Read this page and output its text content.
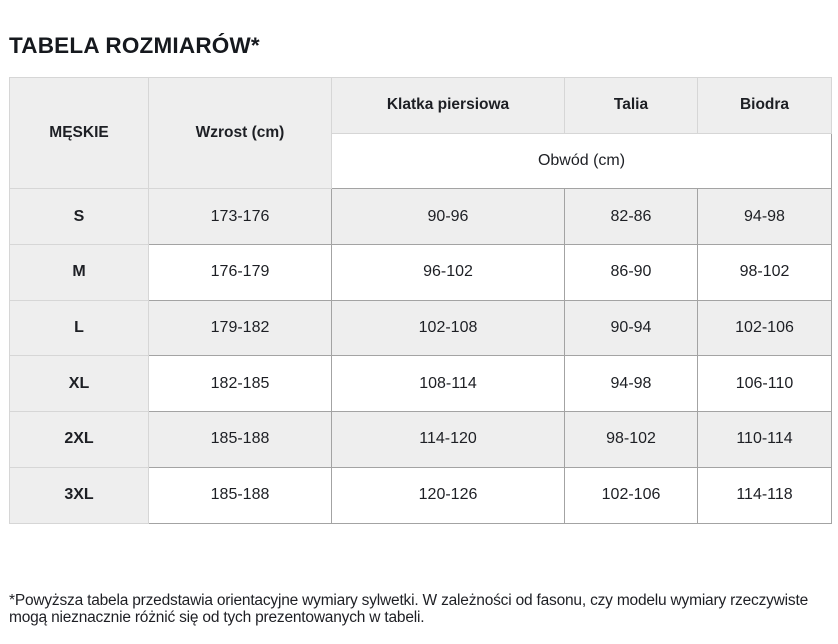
TABELA ROZMIARÓW*
MĘSKIE	Wzrost (cm)	Klatka piersiowa	Talia	Biodra
		Obwód (cm)		
S	173-176	90-96	82-86	94-98
M	176-179	96-102	86-90	98-102
L	179-182	102-108	90-94	102-106
XL	182-185	108-114	94-98	106-110
2XL	185-188	114-120	98-102	110-114
3XL	185-188	120-126	102-106	114-118
*Powyższa tabela przedstawia orientacyjne wymiary sylwetki. W zależności od fasonu, czy modelu wymiary rzeczywiste mogą nieznacznie różnić się od tych prezentowanych w tabeli.
